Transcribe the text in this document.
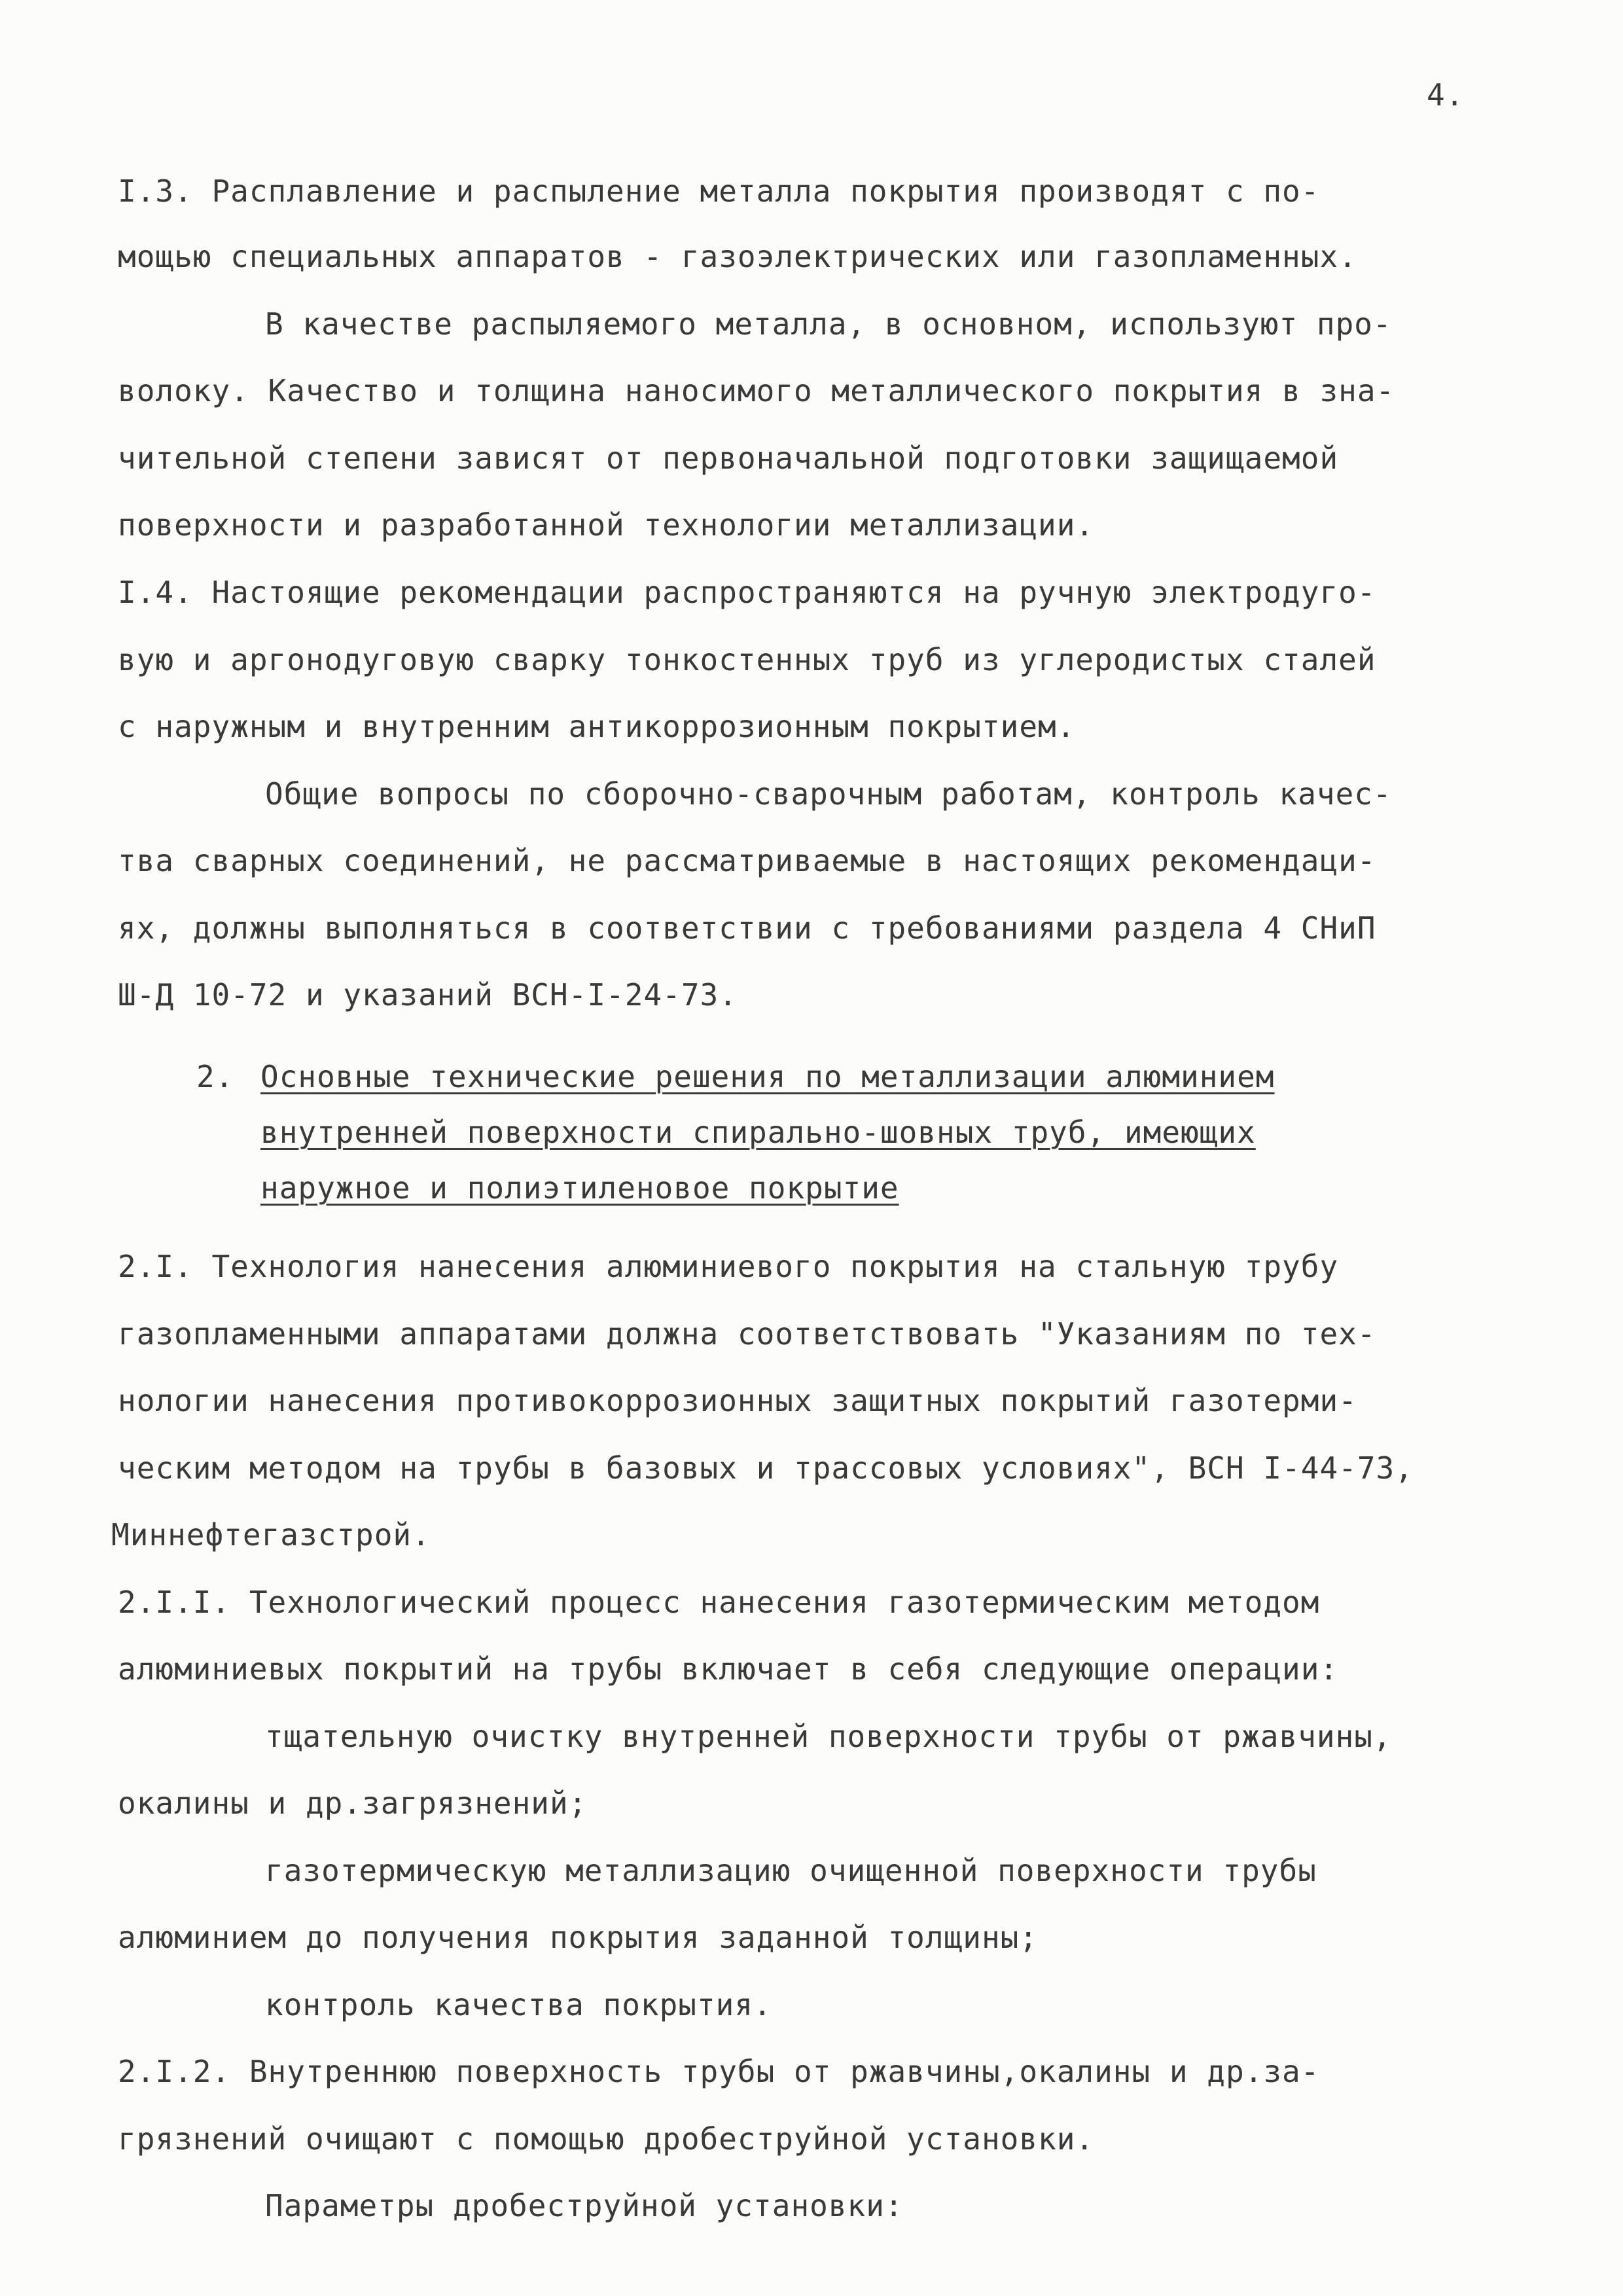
4.
I.3. Расплавление и распыление металла покрытия производят с по-
мощью специальных аппаратов - газоэлектрических или газопламенных.
В качестве распыляемого металла, в основном, используют про-
волоку. Качество и толщина наносимого металлического покрытия в зна-
чительной степени зависят от первоначальной подготовки защищаемой
поверхности и разработанной технологии металлизации.
I.4. Настоящие рекомендации распространяются на ручную электродуго-
вую и аргонодуговую сварку тонкостенных труб из углеродистых сталей
с наружным и внутренним антикоррозионным покрытием.
Общие вопросы по сборочно-сварочным работам, контроль качес-
тва сварных соединений, не рассматриваемые в настоящих рекомендаци-
ях, должны выполняться в соответствии с требованиями раздела 4 СНиП
Ш-Д 10-72 и указаний ВСН-I-24-73.
2. Основные технические решения по металлизации алюминием
внутренней поверхности спирально-шовных труб, имеющих
наружное и полиэтиленовое покрытие
2.I. Технология нанесения алюминиевого покрытия на стальную трубу
газопламенными аппаратами должна соответствовать "Указаниям по тех-
нологии нанесения противокоррозионных защитных покрытий газотерми-
ческим методом на трубы в базовых и трассовых условиях", ВСН I-44-73,
Миннефтегазстрой.
2.I.I. Технологический процесс нанесения газотермическим методом
алюминиевых покрытий на трубы включает в себя следующие операции:
тщательную очистку внутренней поверхности трубы от ржавчины,
окалины и др.загрязнений;
газотермическую металлизацию очищенной поверхности трубы
алюминием до получения покрытия заданной толщины;
контроль качества покрытия.
2.I.2. Внутреннюю поверхность трубы от ржавчины,окалины и др.за-
грязнений очищают с помощью дробеструйной установки.
Параметры дробеструйной установки:
